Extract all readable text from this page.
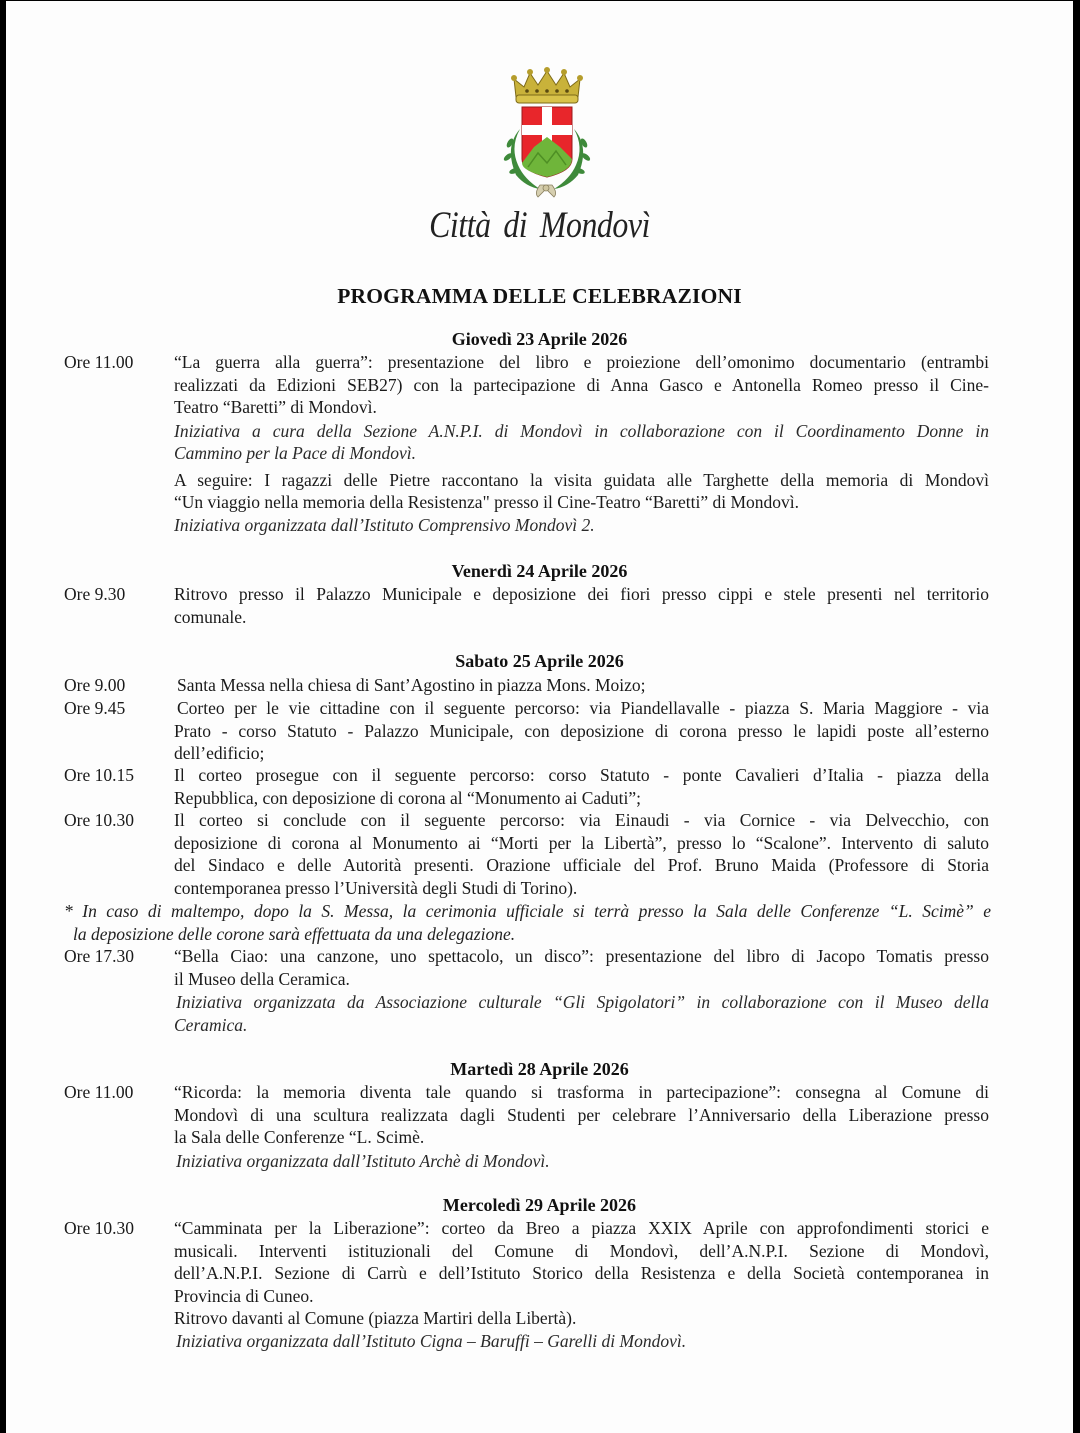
Città di Mondovì
PROGRAMMA DELLE CELEBRAZIONI
Giovedì 23 Aprile 2026
Ore 11.00 “La guerra alla guerra”: presentazione del libro e proiezione dell’omonimo documentario (entrambi
realizzati da Edizioni SEB27) con la partecipazione di Anna Gasco e Antonella Romeo presso il Cine-
Teatro “Baretti” di Mondovì.
Iniziativa a cura della Sezione A.N.P.I. di Mondovì in collaborazione con il Coordinamento Donne in
Cammino per la Pace di Mondovì.
A seguire: I ragazzi delle Pietre raccontano la visita guidata alle Targhette della memoria di Mondovì
“Un viaggio nella memoria della Resistenza" presso il Cine-Teatro “Baretti” di Mondovì.
Iniziativa organizzata dall’Istituto Comprensivo Mondovì 2.
Venerdì 24 Aprile 2026
Ore 9.30	Ritrovo presso il Palazzo Municipale e deposizione dei fiori presso cippi e stele presenti nel territorio
comunale.
Sabato 25 Aprile 2026
Ore 9.00	Santa Messa nella chiesa di Sant’Agostino in piazza Mons. Moizo;
Ore 9.45	Corteo per le vie cittadine con il seguente percorso: via Piandellavalle - piazza S. Maria Maggiore - via
Prato - corso Statuto - Palazzo Municipale, con deposizione di corona presso le lapidi poste all’esterno
dell’edificio;
Ore 10.15 Il corteo prosegue con il seguente percorso: corso Statuto - ponte Cavalieri d’Italia - piazza della
Repubblica, con deposizione di corona al “Monumento ai Caduti”;
Ore 10.30 Il corteo si conclude con il seguente percorso: via Einaudi - via Cornice - via Delvecchio, con
deposizione di corona al Monumento ai “Morti per la Libertà”, presso lo “Scalone”. Intervento di saluto
del Sindaco e delle Autorità presenti. Orazione ufficiale del Prof. Bruno Maida (Professore di Storia
contemporanea presso l’Università degli Studi di Torino).
* In caso di maltempo, dopo la S. Messa, la cerimonia ufficiale si terrà presso la Sala delle Conferenze “L. Scimè” e
la deposizione delle corone sarà effettuata da una delegazione.
Ore 17.30 “Bella Ciao: una canzone, uno spettacolo, un disco”: presentazione del libro di Jacopo Tomatis presso
il Museo della Ceramica.
Iniziativa organizzata da Associazione culturale “Gli Spigolatori” in collaborazione con il Museo della
Ceramica.
Martedì 28 Aprile 2026
Ore 11.00 “Ricorda: la memoria diventa tale quando si trasforma in partecipazione”: consegna al Comune di
Mondovì di una scultura realizzata dagli Studenti per celebrare l’Anniversario della Liberazione presso
la Sala delle Conferenze “L. Scimè.
Iniziativa organizzata dall’Istituto Archè di Mondovì.
Mercoledì 29 Aprile 2026
Ore 10.30 “Camminata per la Liberazione”: corteo da Breo a piazza XXIX Aprile con approfondimenti storici e
musicali. Interventi istituzionali del Comune di Mondovì, dell’A.N.P.I. Sezione di Mondovì,
dell’A.N.P.I. Sezione di Carrù e dell’Istituto Storico della Resistenza e della Società contemporanea in
Provincia di Cuneo.
Ritrovo davanti al Comune (piazza Martiri della Libertà).
Iniziativa organizzata dall’Istituto Cigna – Baruffi – Garelli di Mondovì.
